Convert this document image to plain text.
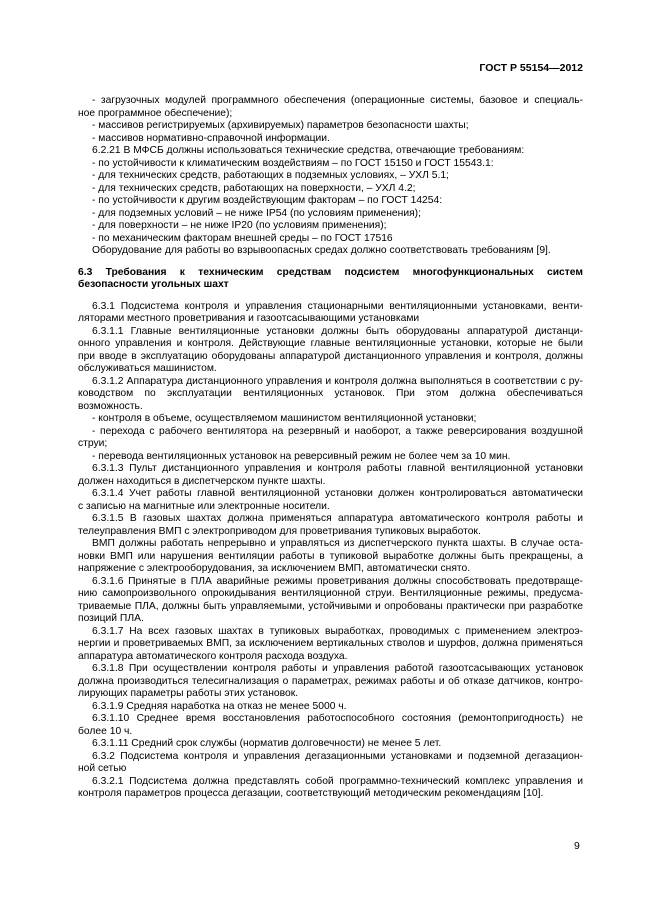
ГОСТ Р 55154—2012
- загрузочных модулей программного обеспечения (операционные системы, базовое и специаль-
ное программное обеспечение);
- массивов регистрируемых (архивируемых) параметров безопасности шахты;
- массивов нормативно-справочной информации.
6.2.21 В МФСБ должны использоваться технические средства, отвечающие требованиям:
- по устойчивости к климатическим воздействиям – по ГОСТ 15150 и ГОСТ 15543.1:
- для технических средств, работающих в подземных условиях, – УХЛ 5.1;
- для технических средств, работающих на поверхности, – УХЛ 4.2;
- по устойчивости к другим воздействующим факторам – по ГОСТ 14254:
- для подземных условий – не ниже IP54 (по условиям применения);
- для поверхности – не ниже IP20 (по условиям применения);
- по механическим факторам внешней среды – по ГОСТ 17516
Оборудование для работы во взрывоопасных средах должно соответствовать требованиям [9].
6.3 Требования к техническим средствам подсистем многофункциональных систем
безопасности угольных шахт
6.3.1 Подсистема контроля и управления стационарными вентиляционными установками, венти-
ляторами местного проветривания и газоотсасывающими установками
6.3.1.1 Главные вентиляционные установки должны быть оборудованы аппаратурой дистанци-
онного управления и контроля. Действующие главные вентиляционные установки, которые не были
при вводе в эксплуатацию оборудованы аппаратурой дистанционного управления и контроля, должны
обслуживаться машинистом.
6.3.1.2 Аппаратура дистанционного управления и контроля должна выполняться в соответствии с ру-
ководством по эксплуатации вентиляционных установок. При этом должна обеспечиваться возможность.
- контроля в объеме, осуществляемом машинистом вентиляционной установки;
- перехода с рабочего вентилятора на резервный и наоборот, а также реверсирования воздушной
струи;
- перевода вентиляционных установок на реверсивный режим не более чем за 10 мин.
6.3.1.3 Пульт дистанционного управления и контроля работы главной вентиляционной установки
должен находиться в диспетчерском пункте шахты.
6.3.1.4 Учет работы главной вентиляционной установки должен контролироваться автоматически
с записью на магнитные или электронные носители.
6.3.1.5 В газовых шахтах должна применяться аппаратура автоматического контроля работы и
телеуправления ВМП с электроприводом для проветривания тупиковых выработок.
ВМП должны работать непрерывно и управляться из диспетчерского пункта шахты. В случае оста-
новки ВМП или нарушения вентиляции работы в тупиковой выработке должны быть прекращены, а
напряжение с электрооборудования, за исключением ВМП, автоматически снято.
6.3.1.6 Принятые в ПЛА аварийные режимы проветривания должны способствовать предотвраще-
нию самопроизвольного опрокидывания вентиляционной струи. Вентиляционные режимы, предусма-
триваемые ПЛА, должны быть управляемыми, устойчивыми и опробованы практически при разработке
позиций ПЛА.
6.3.1.7 На всех газовых шахтах в тупиковых выработках, проводимых с применением электроэ-
нергии и проветриваемых ВМП, за исключением вертикальных стволов и шурфов, должна применяться
аппаратура автоматического контроля расхода воздуха.
6.3.1.8 При осуществлении контроля работы и управления работой газоотсасывающих установок
должна производиться телесигнализация о параметрах, режимах работы и об отказе датчиков, контро-
лирующих параметры работы этих установок.
6.3.1.9 Средняя наработка на отказ не менее 5000 ч.
6.3.1.10 Среднее время восстановления работоспособного состояния (ремонтопригодность) не
более 10 ч.
6.3.1.11 Средний срок службы (норматив долговечности) не менее 5 лет.
6.3.2 Подсистема контроля и управления дегазационными установками и подземной дегазацион-
ной сетью
6.3.2.1 Подсистема должна представлять собой программно-технический комплекс управления и
контроля параметров процесса дегазации, соответствующий методическим рекомендациям [10].
9
